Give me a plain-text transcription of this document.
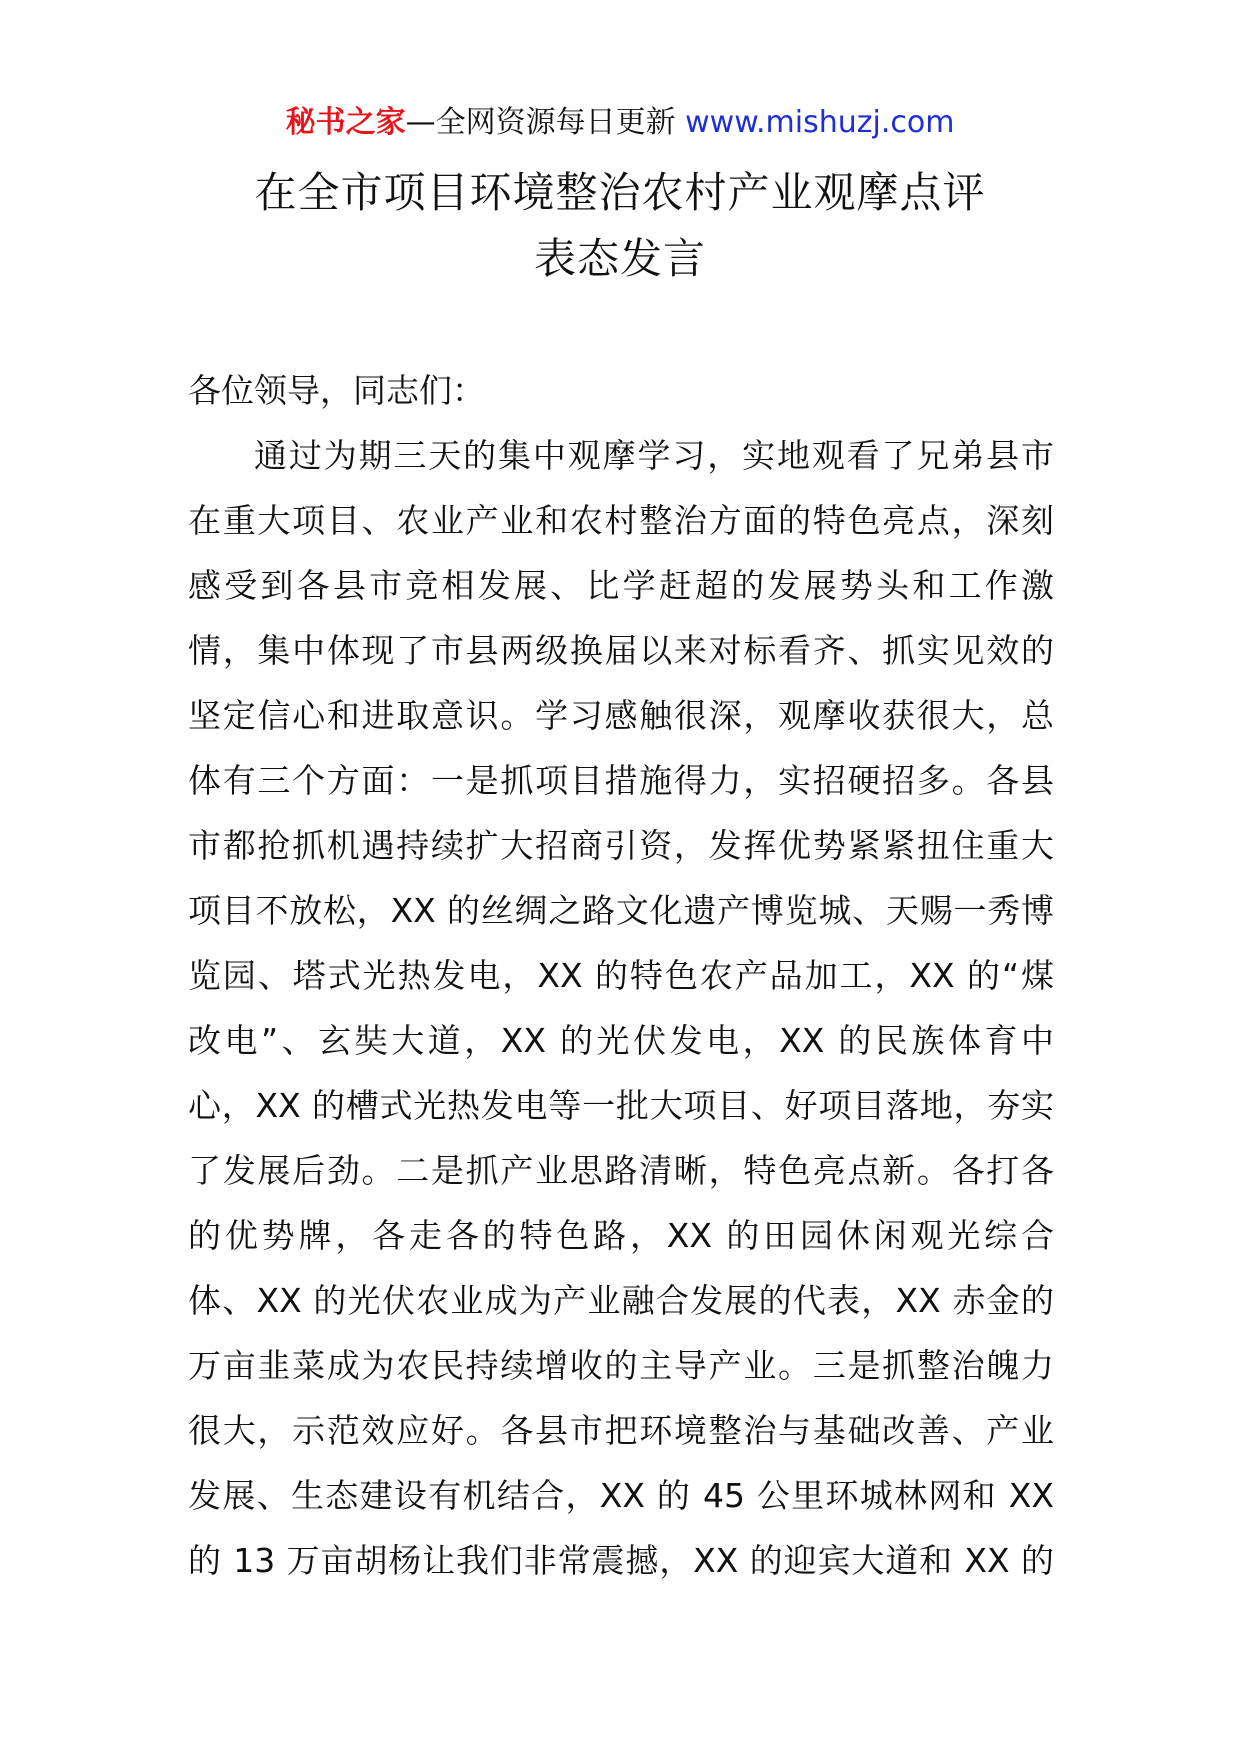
秘书之家—全网资源每日更新 www.mishuzj.com
在全市项目环境整治农村产业观摩点评
表态发言
各位领导，同志们：
通过为期三天的集中观摩学习，实地观看了兄弟县市
在重大项目、农业产业和农村整治方面的特色亮点，深刻
感受到各县市竞相发展、比学赶超的发展势头和工作激
情，集中体现了市县两级换届以来对标看齐、抓实见效的
坚定信心和进取意识。学习感触很深，观摩收获很大，总
体有三个方面：一是抓项目措施得力，实招硬招多。各县
市都抢抓机遇持续扩大招商引资，发挥优势紧紧扭住重大
项目不放松，XX 的丝绸之路文化遗产博览城、天赐一秀博
览园、塔式光热发电，XX 的特色农产品加工，XX 的“煤
改电”、玄奘大道，XX 的光伏发电，XX 的民族体育中
心，XX 的槽式光热发电等一批大项目、好项目落地，夯实
了发展后劲。二是抓产业思路清晰，特色亮点新。各打各
的优势牌，各走各的特色路，XX 的田园休闲观光综合
体、XX 的光伏农业成为产业融合发展的代表，XX 赤金的
万亩韭菜成为农民持续增收的主导产业。三是抓整治魄力
很大，示范效应好。各县市把环境整治与基础改善、产业
发展、生态建设有机结合，XX 的 45 公里环城林网和 XX
的 13 万亩胡杨让我们非常震撼，XX 的迎宾大道和 XX 的
